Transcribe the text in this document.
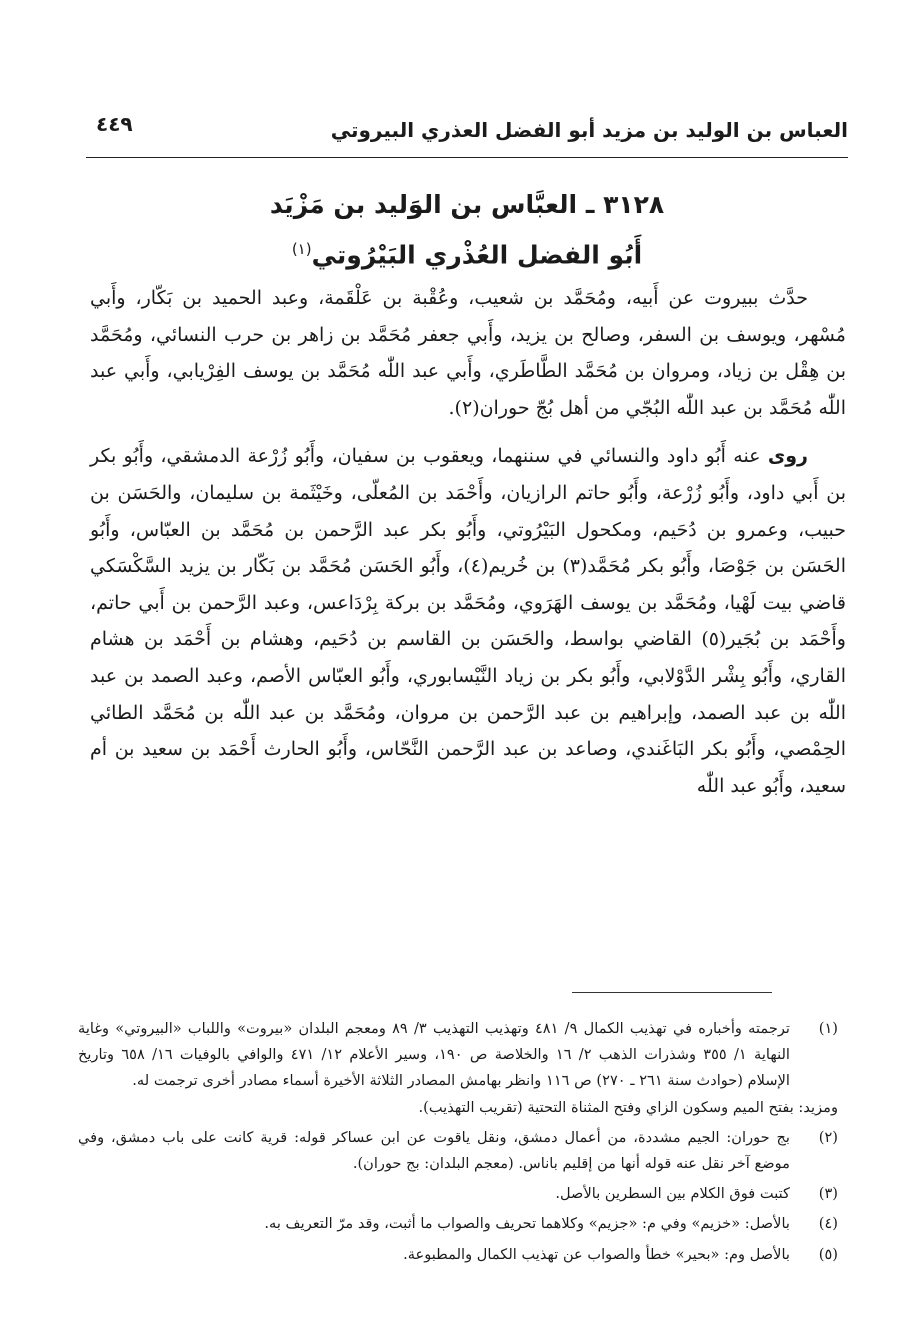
العباس بن الوليد بن مزيد أبو الفضل العذري البيروتي
٤٤٩
٣١٢٨ ـ العبَّاس بن الوَليد بن مَزْيَد
أَبُو الفضل العُذْري البَيْرُوتي$^{(١)}$

حدَّث ببيروت عن أَبيه، ومُحَمَّد بن شعيب، وعُقْبة بن عَلْقَمة، وعبد الحميد بن بَكّار، وأَبي مُسْهر، ويوسف بن السفر، وصالح بن يزيد، وأَبي جعفر مُحَمَّد بن زاهر بن حرب النسائي، ومُحَمَّد بن هِقْل بن زياد، ومروان بن مُحَمَّد الطَّاطَري، وأَبي عبد اللّٰه مُحَمَّد بن يوسف الفِرْيابي، وأَبي عبد اللّٰه مُحَمَّد بن عبد اللّٰه البُجّي من أهل بُجّ حوران(٢).

روى عنه أَبُو داود والنسائي في سننهما، ويعقوب بن سفيان، وأَبُو زُرْعة الدمشقي، وأَبُو بكر بن أَبي داود، وأَبُو زُرْعة، وأَبُو حاتم الرازيان، وأَحْمَد بن المُعلّى، وخَيْثَمة بن سليمان، والحَسَن بن حبيب، وعمرو بن دُحَيم، ومكحول البَيْرُوتي، وأَبُو بكر عبد الرَّحمن بن مُحَمَّد بن العبّاس، وأَبُو الحَسَن بن جَوْصَا، وأَبُو بكر مُحَمَّد(٣) بن خُريم(٤)، وأَبُو الحَسَن مُحَمَّد بن بَكّار بن يزيد السَّكْسَكي قاضي بيت لَهْيا، ومُحَمَّد بن يوسف الهَرَوي، ومُحَمَّد بن بركة بِرْدَاعس، وعبد الرَّحمن بن أَبي حاتم، وأَحْمَد بن بُجَير(٥) القاضي بواسط، والحَسَن بن القاسم بن دُحَيم، وهشام بن أَحْمَد بن هشام القاري، وأَبُو بِشْر الدَّوْلابي، وأَبُو بكر بن زياد النَّيْسابوري، وأَبُو العبّاس الأصم، وعبد الصمد بن عبد اللّٰه بن عبد الصمد، وإبراهيم بن عبد الرَّحمن بن مروان، ومُحَمَّد بن عبد اللّٰه بن مُحَمَّد الطائي الحِمْصي، وأَبُو بكر البَاغَندي، وصاعد بن عبد الرَّحمن النَّحّاس، وأَبُو الحارث أَحْمَد بن سعيد بن أم سعيد، وأَبُو عبد اللّٰه

(١)
ترجمته وأخباره في تهذيب الكمال ٩/ ٤٨١ وتهذيب التهذيب ٣/ ٨٩ ومعجم البلدان «بيروت» واللباب «البيروتي» وغاية النهاية ١/ ٣٥٥ وشذرات الذهب ٢/ ١٦ والخلاصة ص ١٩٠، وسير الأعلام ١٢/ ٤٧١ والوافي بالوفيات ١٦/ ٦٥٨ وتاريخ الإسلام (حوادث سنة ٢٦١ ـ ٢٧٠) ص ١١٦ وانظر بهامش المصادر الثلاثة الأخيرة أسماء مصادر أخرى ترجمت له.

ومزيد: بفتح الميم وسكون الزاي وفتح المثناة التحتية (تقريب التهذيب).

(٢)
بج حوران: الجيم مشددة، من أعمال دمشق، ونقل ياقوت عن ابن عساكر قوله: قرية كانت على باب دمشق، وفي موضع آخر نقل عنه قوله أنها من إقليم باناس. (معجم البلدان: بج حوران).

(٣)
كتبت فوق الكلام بين السطرين بالأصل.

(٤)
بالأصل: «خزيم» وفي م: «جزيم» وكلاهما تحريف والصواب ما أثبت، وقد مرّ التعريف به.

(٥)
بالأصل وم: «بحير» خطأ والصواب عن تهذيب الكمال والمطبوعة.
